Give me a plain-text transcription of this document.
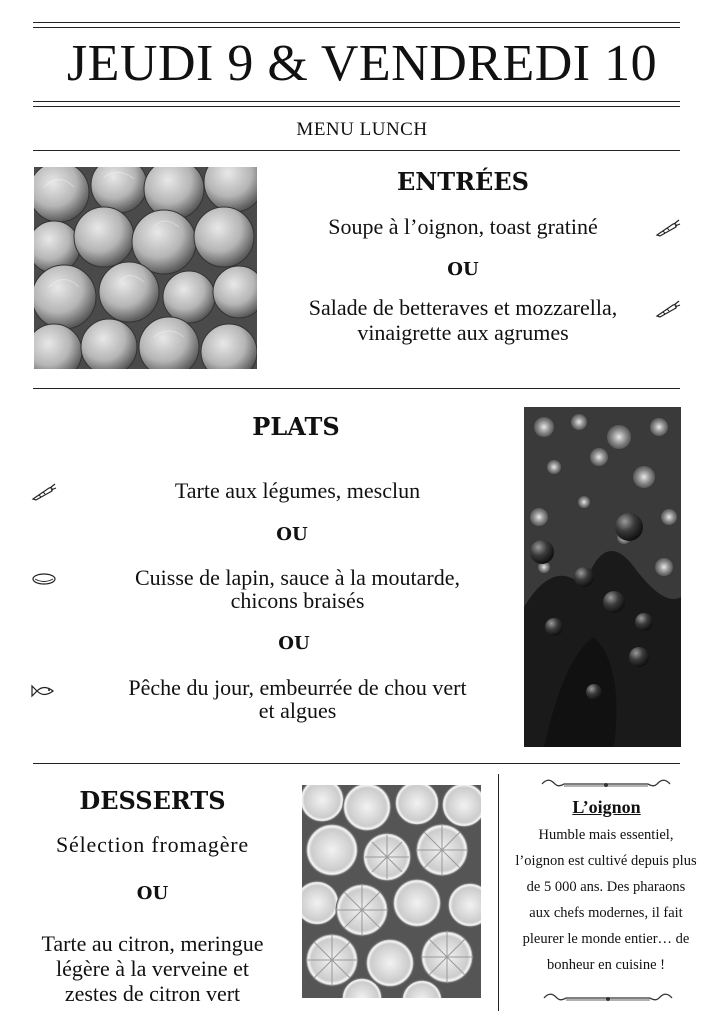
JEUDI 9 & VENDREDI 10
MENU LUNCH
ENTRÉES
Soupe à l’oignon, toast gratiné
OU
Salade de betteraves et mozzarella,
vinaigrette aux agrumes
PLATS
Tarte aux légumes, mesclun
OU
Cuisse de lapin, sauce à la moutarde,
chicons braisés
OU
Pêche du jour, embeurrée de chou vert
et algues
DESSERTS
Sélection fromagère
OU
Tarte au citron, meringue
légère à la verveine et
zestes de citron vert
L’oignon
Humble mais essentiel,
l’oignon est cultivé depuis plus
de 5 000 ans. Des pharaons
aux chefs modernes, il fait
pleurer le monde entier… de
bonheur en cuisine !
